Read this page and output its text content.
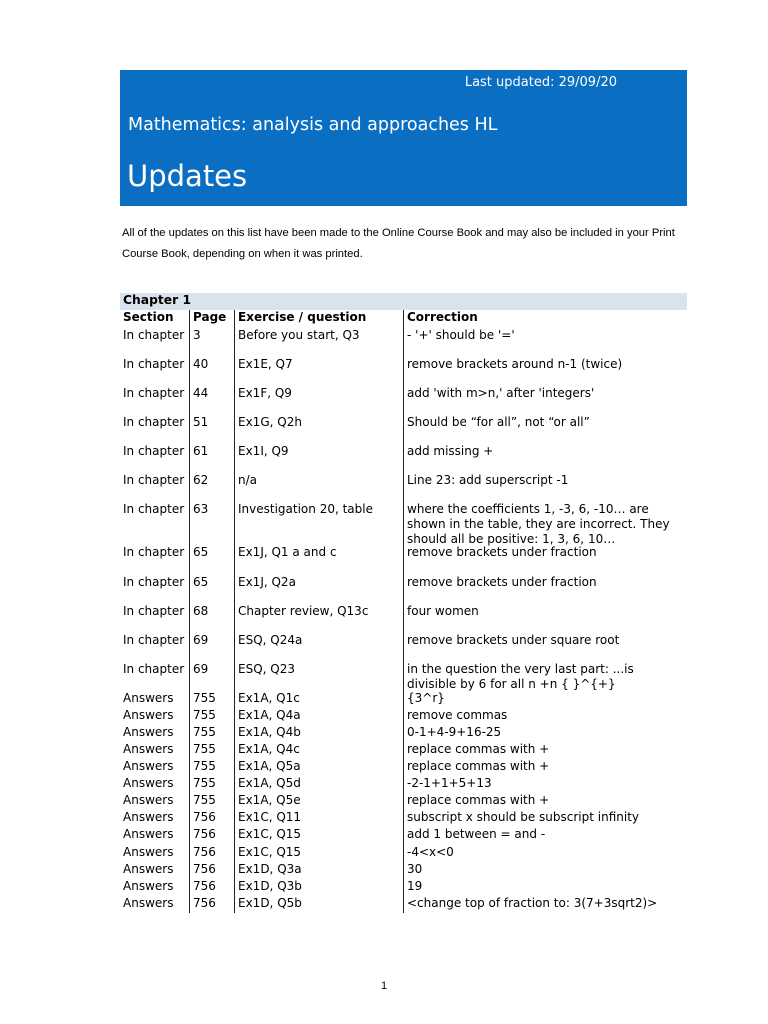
Last updated: 29/09/20
Mathematics: analysis and approaches HL
Updates
All of the updates on this list have been made to the Online Course Book and may also be included in your Print Course Book, depending on when it was printed.
Chapter 1
Section Page Exercise / question	Correction
In chapter 3	Before you start, Q3	- '+' should be '='
In chapter 40 Ex1E, Q7	remove brackets around n-1 (twice)
In chapter 44 Ex1F, Q9	add 'with m>n,' after 'integers'
In chapter 51 Ex1G, Q2h	Should be “for all”, not “or all”
In chapter 61 Ex1I, Q9	add missing +
In chapter 62 n/a	Line 23: add superscript -1
In chapter 63 Investigation 20, table	where the coefficients 1, -3, 6, -10… are shown in the table, they are incorrect. They should all be positive: 1, 3, 6, 10…
In chapter 65 Ex1J, Q1 a and c	remove brackets under fraction
In chapter 65 Ex1J, Q2a	remove brackets under fraction
In chapter 68 Chapter review, Q13c	four women
In chapter 69 ESQ, Q24a	remove brackets under square root
In chapter 69 ESQ, Q23	in the question the very last part: ...is divisible by 6 for all n +n { }^{+}
Answers 755 Ex1A, Q1c	{3^r}
Answers 755 Ex1A, Q4a	remove commas
Answers 755 Ex1A, Q4b	0-1+4-9+16-25
Answers 755 Ex1A, Q4c	replace commas with +
Answers 755 Ex1A, Q5a	replace commas with +
Answers 755 Ex1A, Q5d	-2-1+1+5+13
Answers 755 Ex1A, Q5e	replace commas with +
Answers 756 Ex1C, Q11	subscript x should be subscript infinity
Answers 756 Ex1C, Q15	add 1 between = and -
Answers 756 Ex1C, Q15	-4<x<0
Answers 756 Ex1D, Q3a	30
Answers 756 Ex1D, Q3b	19
Answers 756 Ex1D, Q5b	<change top of fraction to: 3(7+3sqrt2)>
1
